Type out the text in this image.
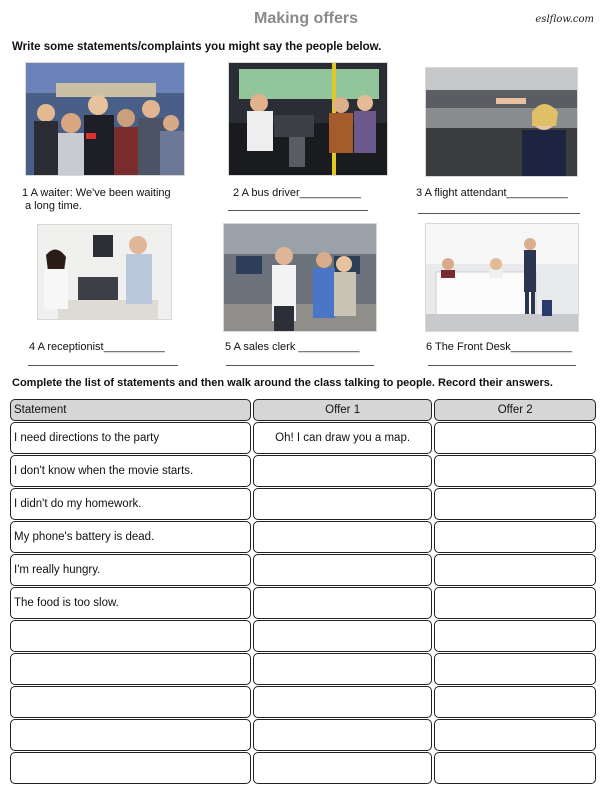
Making offers	eslflow.com
Write some statements/complaints you might say the people below.
1 A waiter: We've been waiting
a long time.
2 A bus driver__________	3 A flight attendant__________
4 A receptionist__________	5 A sales clerk __________	6 The Front Desk__________
Complete the list of statements and then walk around the class talking to people. Record their answers.
Statement	Offer 1	Offer 2
I need directions to the party	Oh! I can draw you a map.	
I don't know when the movie starts.		
I didn't do my homework.		
My phone's battery is dead.		
I'm really hungry.		
The food is too slow.		
